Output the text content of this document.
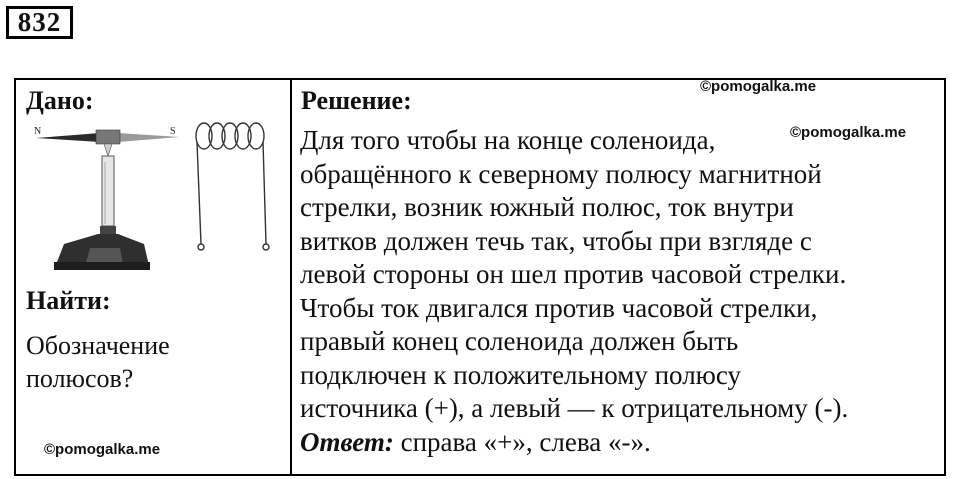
832
Дано:
Найти:
Решение:

Обозначение
полюсов?

Для того чтобы на конце соленоида,
обращённого к северному полюсу магнитной
стрелки, возник южный полюс, ток внутри
витков должен течь так, чтобы при взгляде с
левой стороны он шел против часовой стрелки.
Чтобы ток двигался против часовой стрелки,
правый конец соленоида должен быть
подключен к положительному полюсу
источника (+), а левый — к отрицательному (-).
Ответ: справа «+», слева «-».

N	S
©pomogalka.me
©pomogalka.me
©pomogalka.me
